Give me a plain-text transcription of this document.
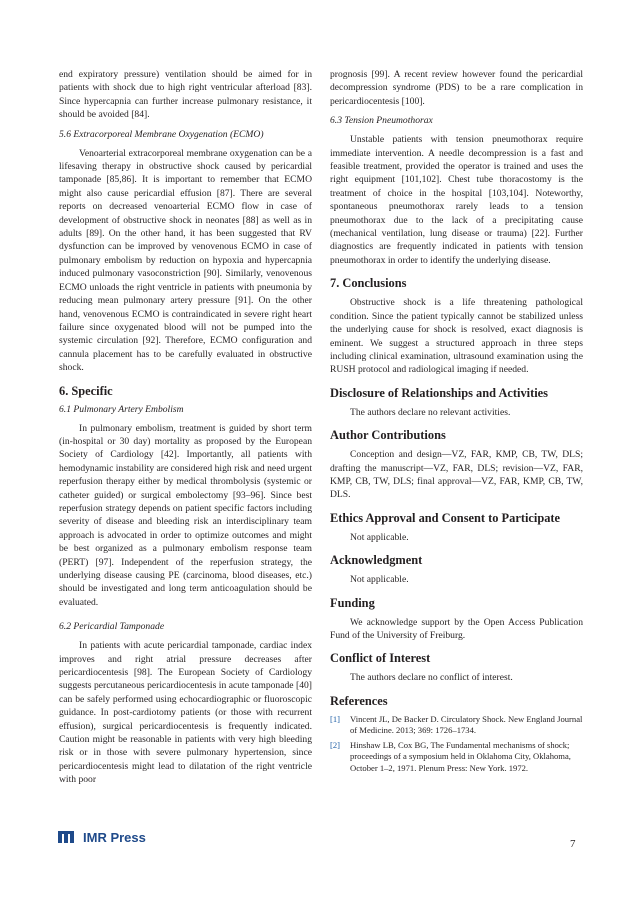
end expiratory pressure) ventilation should be aimed for in patients with shock due to high right ventricular afterload [83]. Since hypercapnia can further increase pulmonary resistance, it should be avoided [84].

5.6 Extracorporeal Membrane Oxygenation (ECMO)

Venoarterial extracorporeal membrane oxygenation can be a lifesaving therapy in obstructive shock caused by pericardial tamponade [85,86]. It is important to remember that ECMO might also cause pericardial effusion [87]. There are several reports on decreased venoarterial ECMO flow in case of development of obstructive shock in neonates [88] as well as in adults [89]. On the other hand, it has been suggested that RV dysfunction can be improved by venovenous ECMO in case of pulmonary embolism by reduction on hypoxia and hypercapnia induced pulmonary vasoconstriction [90]. Similarly, venovenous ECMO unloads the right ventricle in patients with pneumonia by reducing mean pulmonary artery pressure [91]. On the other hand, venovenous ECMO is contraindicated in severe right heart failure since oxygenated blood will not be pumped into the systemic circulation [92]. Therefore, ECMO configuration and cannula placement has to be carefully evaluated in obstructive shock.

6. Specific
6.1 Pulmonary Artery Embolism

In pulmonary embolism, treatment is guided by short term (in-hospital or 30 day) mortality as proposed by the European Society of Cardiology [42]. Importantly, all patients with hemodynamic instability are considered high risk and need urgent reperfusion therapy either by medical thrombolysis (systemic or catheter guided) or surgical embolectomy [93–96]. Since best reperfusion strategy depends on patient specific factors including severity of disease and bleeding risk an interdisciplinary team approach is advocated in order to optimize outcomes and might be best organized as a pulmonary embolism response team (PERT) [97]. Independent of the reperfusion strategy, the underlying disease causing PE (carcinoma, blood diseases, etc.) should be investigated and long term anticoagulation should be evaluated.

6.2 Pericardial Tamponade

In patients with acute pericardial tamponade, cardiac index improves and right atrial pressure decreases after pericardiocentesis [98]. The European Society of Cardiology suggests percutaneous pericardiocentesis in acute tamponade [40] can be safely performed using echocardiographic or fluoroscopic guidance. In post-cardiotomy patients (or those with recurrent effusion), surgical pericardiocentesis is frequently indicated. Caution might be reasonable in patients with very high bleeding risk or in those with severe pulmonary hypertension, since pericardiocentesis might lead to dilatation of the right ventricle with poor

prognosis [99]. A recent review however found the pericardial decompression syndrome (PDS) to be a rare complication in pericardiocentesis [100].

6.3 Tension Pneumothorax

Unstable patients with tension pneumothorax require immediate intervention. A needle decompression is a fast and feasible treatment, provided the operator is trained and uses the right equipment [101,102]. Chest tube thoracostomy is the treatment of choice in the hospital [103,104]. Noteworthy, spontaneous pneumothorax rarely leads to a tension pneumothorax due to the lack of a precipitating cause (mechanical ventilation, lung disease or trauma) [22]. Further diagnostics are frequently indicated in patients with tension pneumothorax in order to identify the underlying disease.

7. Conclusions

Obstructive shock is a life threatening pathological condition. Since the patient typically cannot be stabilized unless the underlying cause for shock is resolved, exact diagnosis is eminent. We suggest a structured approach in three steps including clinical examination, ultrasound examination using the RUSH protocol and radiological imaging if needed.

Disclosure of Relationships and Activities

The authors declare no relevant activities.

Author Contributions

Conception and design—VZ, FAR, KMP, CB, TW, DLS; drafting the manuscript—VZ, FAR, DLS; revision—VZ, FAR, KMP, CB, TW, DLS; final approval—VZ, FAR, KMP, CB, TW, DLS.

Ethics Approval and Consent to Participate

Not applicable.

Acknowledgment

Not applicable.

Funding

We acknowledge support by the Open Access Publication Fund of the University of Freiburg.

Conflict of Interest

The authors declare no conflict of interest.

References
[1]	Vincent JL, De Backer D. Circulatory Shock. New England Journal of Medicine. 2013; 369: 1726–1734.
[2]	Hinshaw LB, Cox BG, The Fundamental mechanisms of shock; proceedings of a symposium held in Oklahoma City, Oklahoma, October 1–2, 1971. Plenum Press: New York. 1972.
IMR Press	7
